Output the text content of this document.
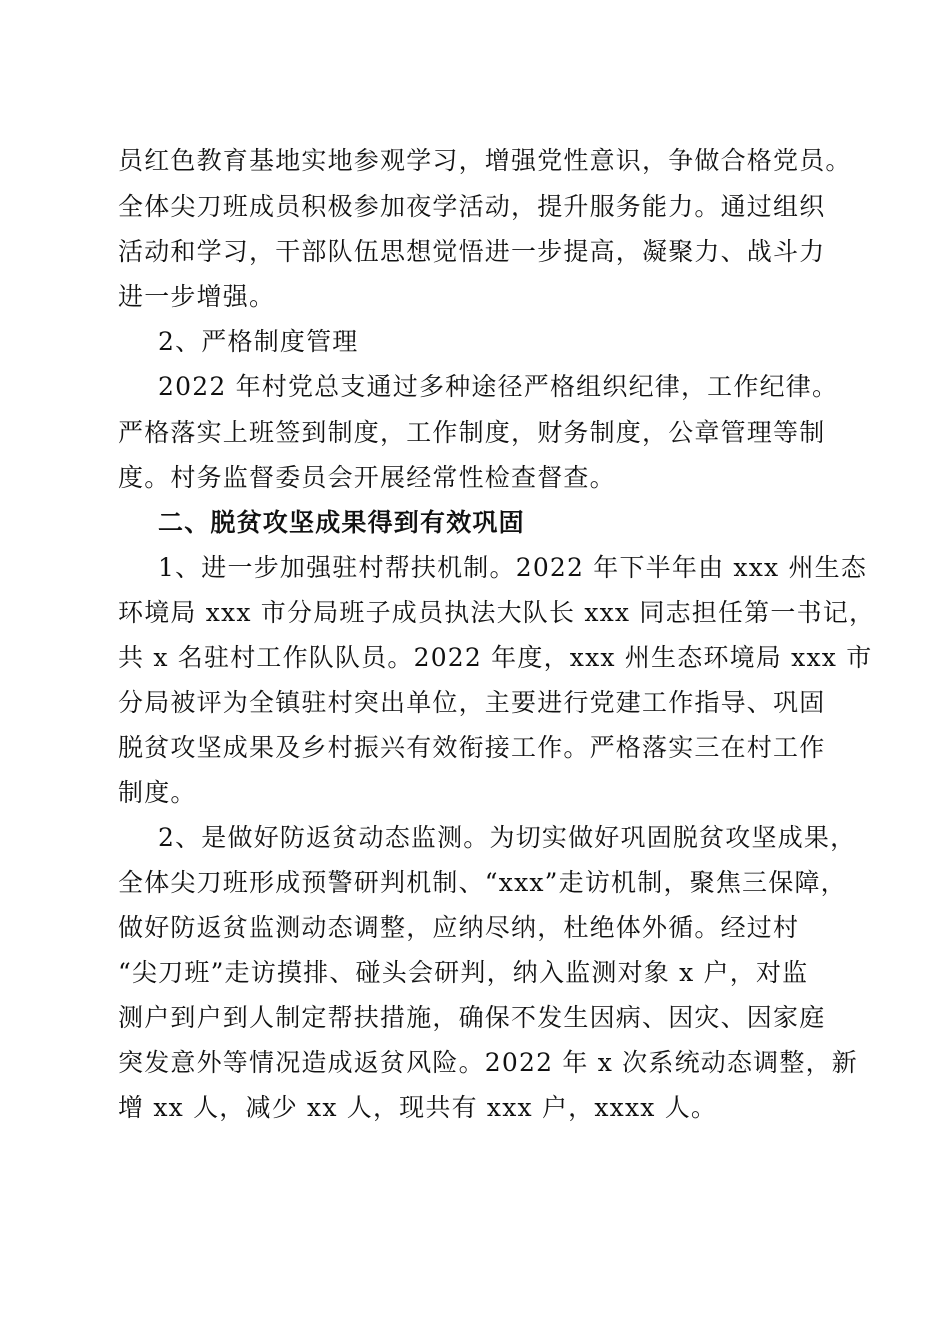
员红色教育基地实地参观学习，增强党性意识，争做合格党员。
全体尖刀班成员积极参加夜学活动，提升服务能力。通过组织
活动和学习，干部队伍思想觉悟进一步提高，凝聚力、战斗力
进一步增强。
2、严格制度管理
2022 年村党总支通过多种途径严格组织纪律，工作纪律。
严格落实上班签到制度，工作制度，财务制度，公章管理等制
度。村务监督委员会开展经常性检查督查。
二、脱贫攻坚成果得到有效巩固
1、进一步加强驻村帮扶机制。2022 年下半年由 xxx 州生态
环境局 xxx 市分局班子成员执法大队长 xxx 同志担任第一书记，
共 x 名驻村工作队队员。2022 年度，xxx 州生态环境局 xxx 市
分局被评为全镇驻村突出单位，主要进行党建工作指导、巩固
脱贫攻坚成果及乡村振兴有效衔接工作。严格落实三在村工作
制度。
2、是做好防返贫动态监测。为切实做好巩固脱贫攻坚成果，
全体尖刀班形成预警研判机制、“xxx”走访机制，聚焦三保障，
做好防返贫监测动态调整，应纳尽纳，杜绝体外循。经过村
“尖刀班”走访摸排、碰头会研判，纳入监测对象 x 户，对监
测户到户到人制定帮扶措施，确保不发生因病、因灾、因家庭
突发意外等情况造成返贫风险。2022 年 x 次系统动态调整，新
增 xx 人，减少 xx 人，现共有 xxx 户，xxxx 人。
